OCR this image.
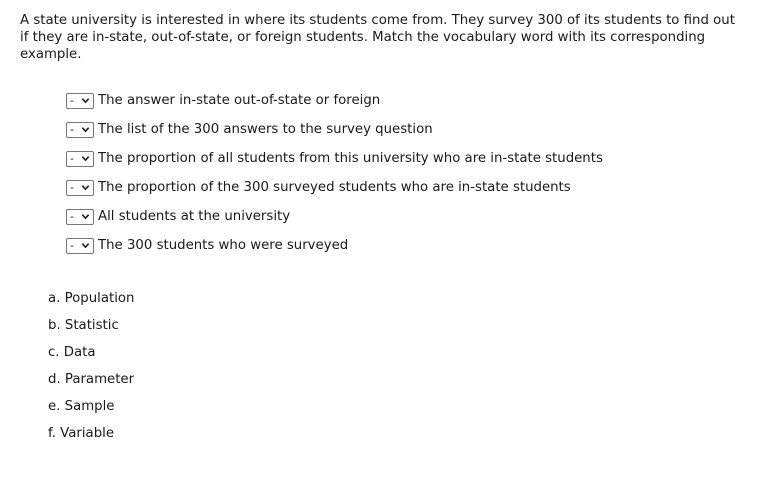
A state university is interested in where its students come from. They survey 300 of its students to find out if they are in-state, out-of-state, or foreign students. Match the vocabulary word with its corresponding example.

- The answer in-state out-of-state or foreign
- The list of the 300 answers to the survey question
- The proportion of all students from this university who are in-state students
- The proportion of the 300 surveyed students who are in-state students
- All students at the university
- The 300 students who were surveyed
a. Population
b. Statistic
c. Data
d. Parameter
e. Sample
f. Variable
